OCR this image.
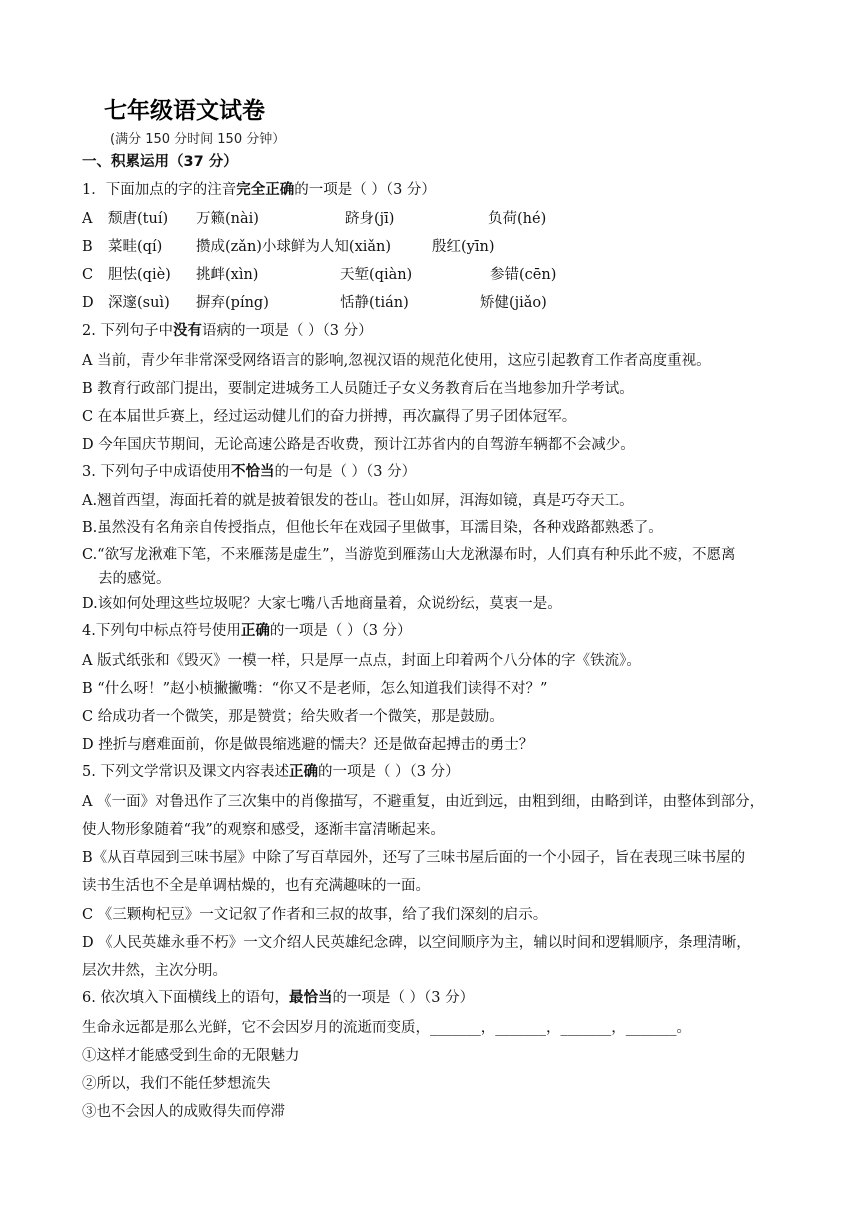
七年级语文试卷
(满分 150 分时间 150 分钟）
一、积累运用（37 分）
1．下面加点的字的注音完全正确的一项是（ ）（3 分）
A 颓唐(tuí) 万籁(nài)	跻身(jī)	负荷(hé)
B 菜畦(qí) 攒成(zǎn)小球鲜为人知(xiǎn)	殷红(yīn)
C 胆怯(qiè) 挑衅(xìn)	天堑(qiàn)	参错(cēn)
D 深邃(suì) 摒弃(píng)	恬静(tián)	矫健(jiǎo)
2. 下列句子中没有语病的一项是（ ）（3 分）
A 当前，青少年非常深受网络语言的影响,忽视汉语的规范化使用，这应引起教育工作者高度重视。
B 教育行政部门提出，要制定进城务工人员随迁子女义务教育后在当地参加升学考试。
C 在本届世乒赛上，经过运动健儿们的奋力拼搏，再次赢得了男子团体冠军。
D 今年国庆节期间，无论高速公路是否收费，预计江苏省内的自驾游车辆都不会减少。
3. 下列句子中成语使用不恰当的一句是（ ）（3 分）
A.翘首西望，海面托着的就是披着银发的苍山。苍山如屏，洱海如镜，真是巧夺天工。
B.虽然没有名角亲自传授指点，但他长年在戏园子里做事，耳濡目染，各种戏路都熟悉了。
C.“欲写龙湫难下笔，不来雁荡是虚生”，当游览到雁荡山大龙湫瀑布时，人们真有种乐此不疲，不愿离
去的感觉。
D.该如何处理这些垃圾呢？大家七嘴八舌地商量着，众说纷纭，莫衷一是。
4.下列句中标点符号使用正确的一项是（ ）（3 分）
A 版式纸张和《毁灭》一模一样，只是厚一点点，封面上印着两个八分体的字《铁流》。
B “什么呀！”赵小桢撇撇嘴：“你又不是老师，怎么知道我们读得不对？”
C 给成功者一个微笑，那是赞赏；给失败者一个微笑，那是鼓励。
D 挫折与磨难面前，你是做畏缩逃避的懦夫？还是做奋起搏击的勇士？
5. 下列文学常识及课文内容表述正确的一项是（ ）（3 分）
A 《一面》对鲁迅作了三次集中的肖像描写，不避重复，由近到远，由粗到细，由略到详，由整体到部分，
使人物形象随着“我”的观察和感受，逐渐丰富清晰起来。
B《从百草园到三味书屋》中除了写百草园外，还写了三味书屋后面的一个小园子，旨在表现三味书屋的
读书生活也不全是单调枯燥的，也有充满趣味的一面。
C 《三颗枸杞豆》一文记叙了作者和三叔的故事，给了我们深刻的启示。
D 《人民英雄永垂不朽》一文介绍人民英雄纪念碑，以空间顺序为主，辅以时间和逻辑顺序，条理清晰，
层次井然，主次分明。
6. 依次填入下面横线上的语句，最恰当的一项是（ ）（3 分）
生命永远都是那么光鲜，它不会因岁月的流逝而变质，_______，_______，_______，_______。
①这样才能感受到生命的无限魅力
②所以，我们不能任梦想流失
③也不会因人的成败得失而停滞
